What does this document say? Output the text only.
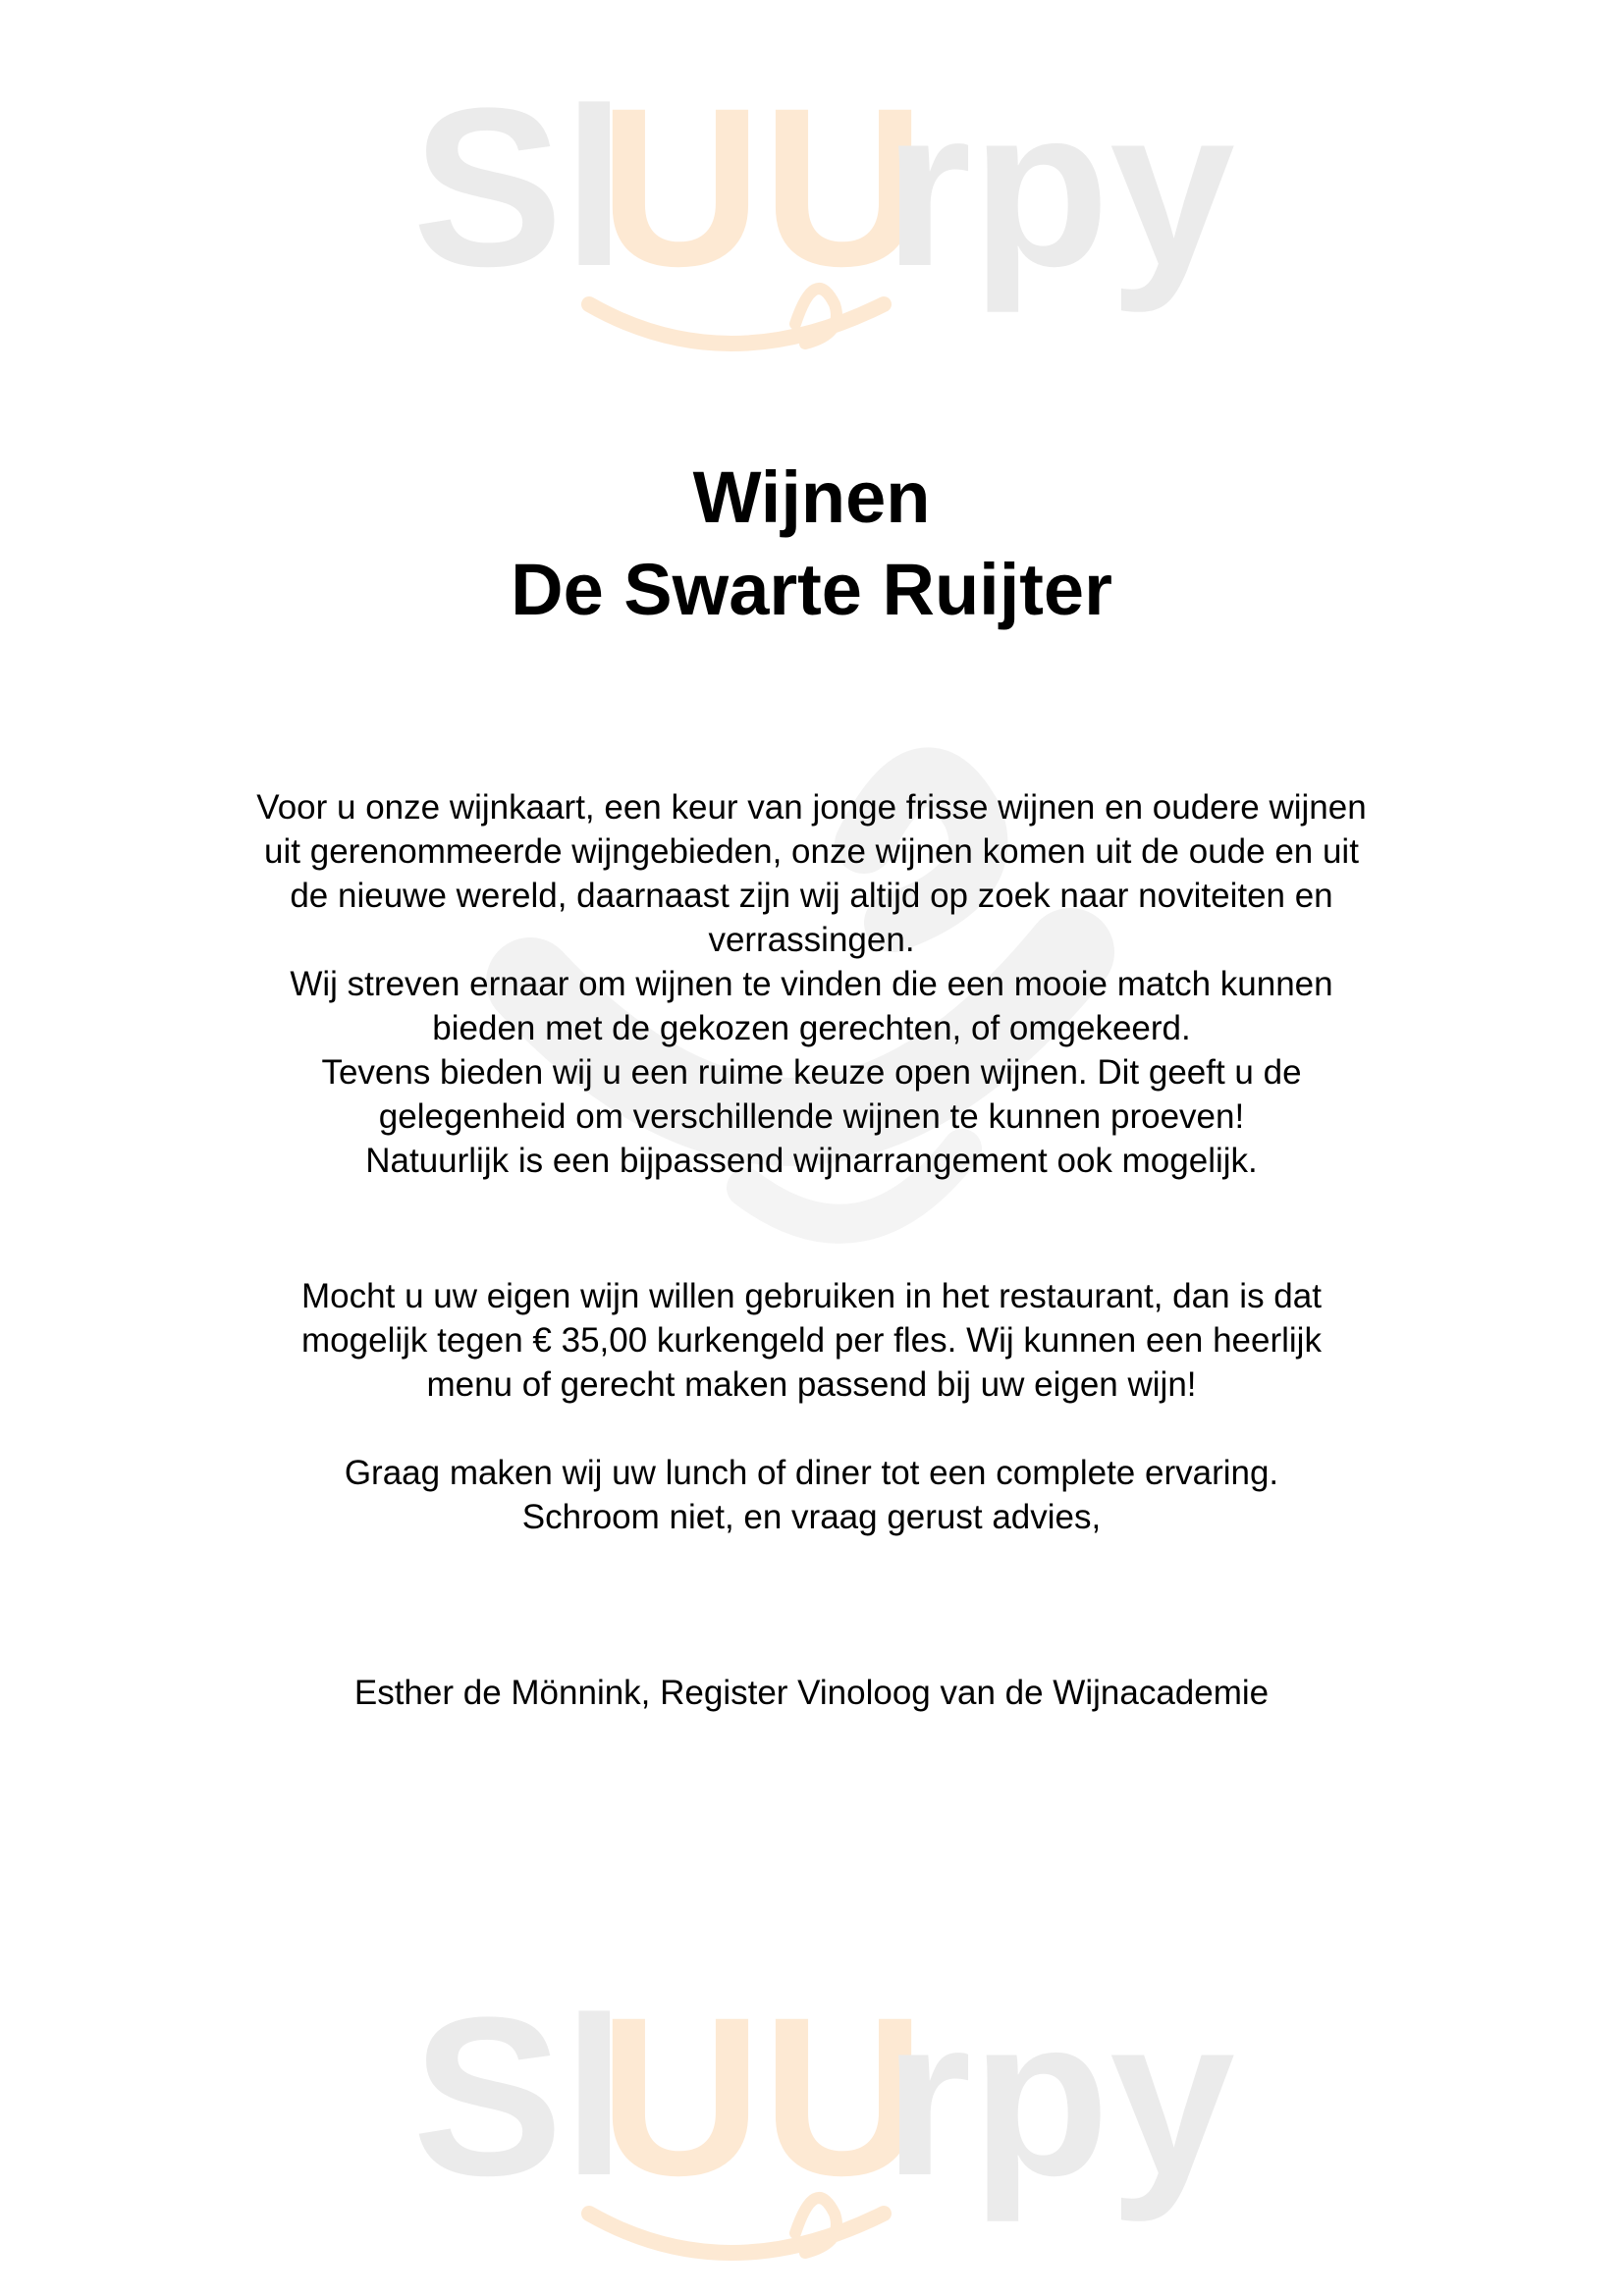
Sl
UU
rpy
Sl
UU
rpy
Wijnen
De Swarte Ruijter
Voor u onze wijnkaart, een keur van jonge frisse wijnen en oudere wijnen
uit gerenommeerde wijngebieden, onze wijnen komen uit de oude en uit
de nieuwe wereld, daarnaast zijn wij altijd op zoek naar noviteiten en
verrassingen.
Wij streven ernaar om wijnen te vinden die een mooie match kunnen
bieden met de gekozen gerechten, of omgekeerd.
Tevens bieden wij u een ruime keuze open wijnen. Dit geeft u de
gelegenheid om verschillende wijnen te kunnen proeven!
Natuurlijk is een bijpassend wijnarrangement ook mogelijk.
Mocht u uw eigen wijn willen gebruiken in het restaurant, dan is dat
mogelijk tegen € 35,00 kurkengeld per fles. Wij kunnen een heerlijk
menu of gerecht maken passend bij uw eigen wijn!
Graag maken wij uw lunch of diner tot een complete ervaring.
Schroom niet, en vraag gerust advies,
Esther de Mönnink, Register Vinoloog van de Wijnacademie
